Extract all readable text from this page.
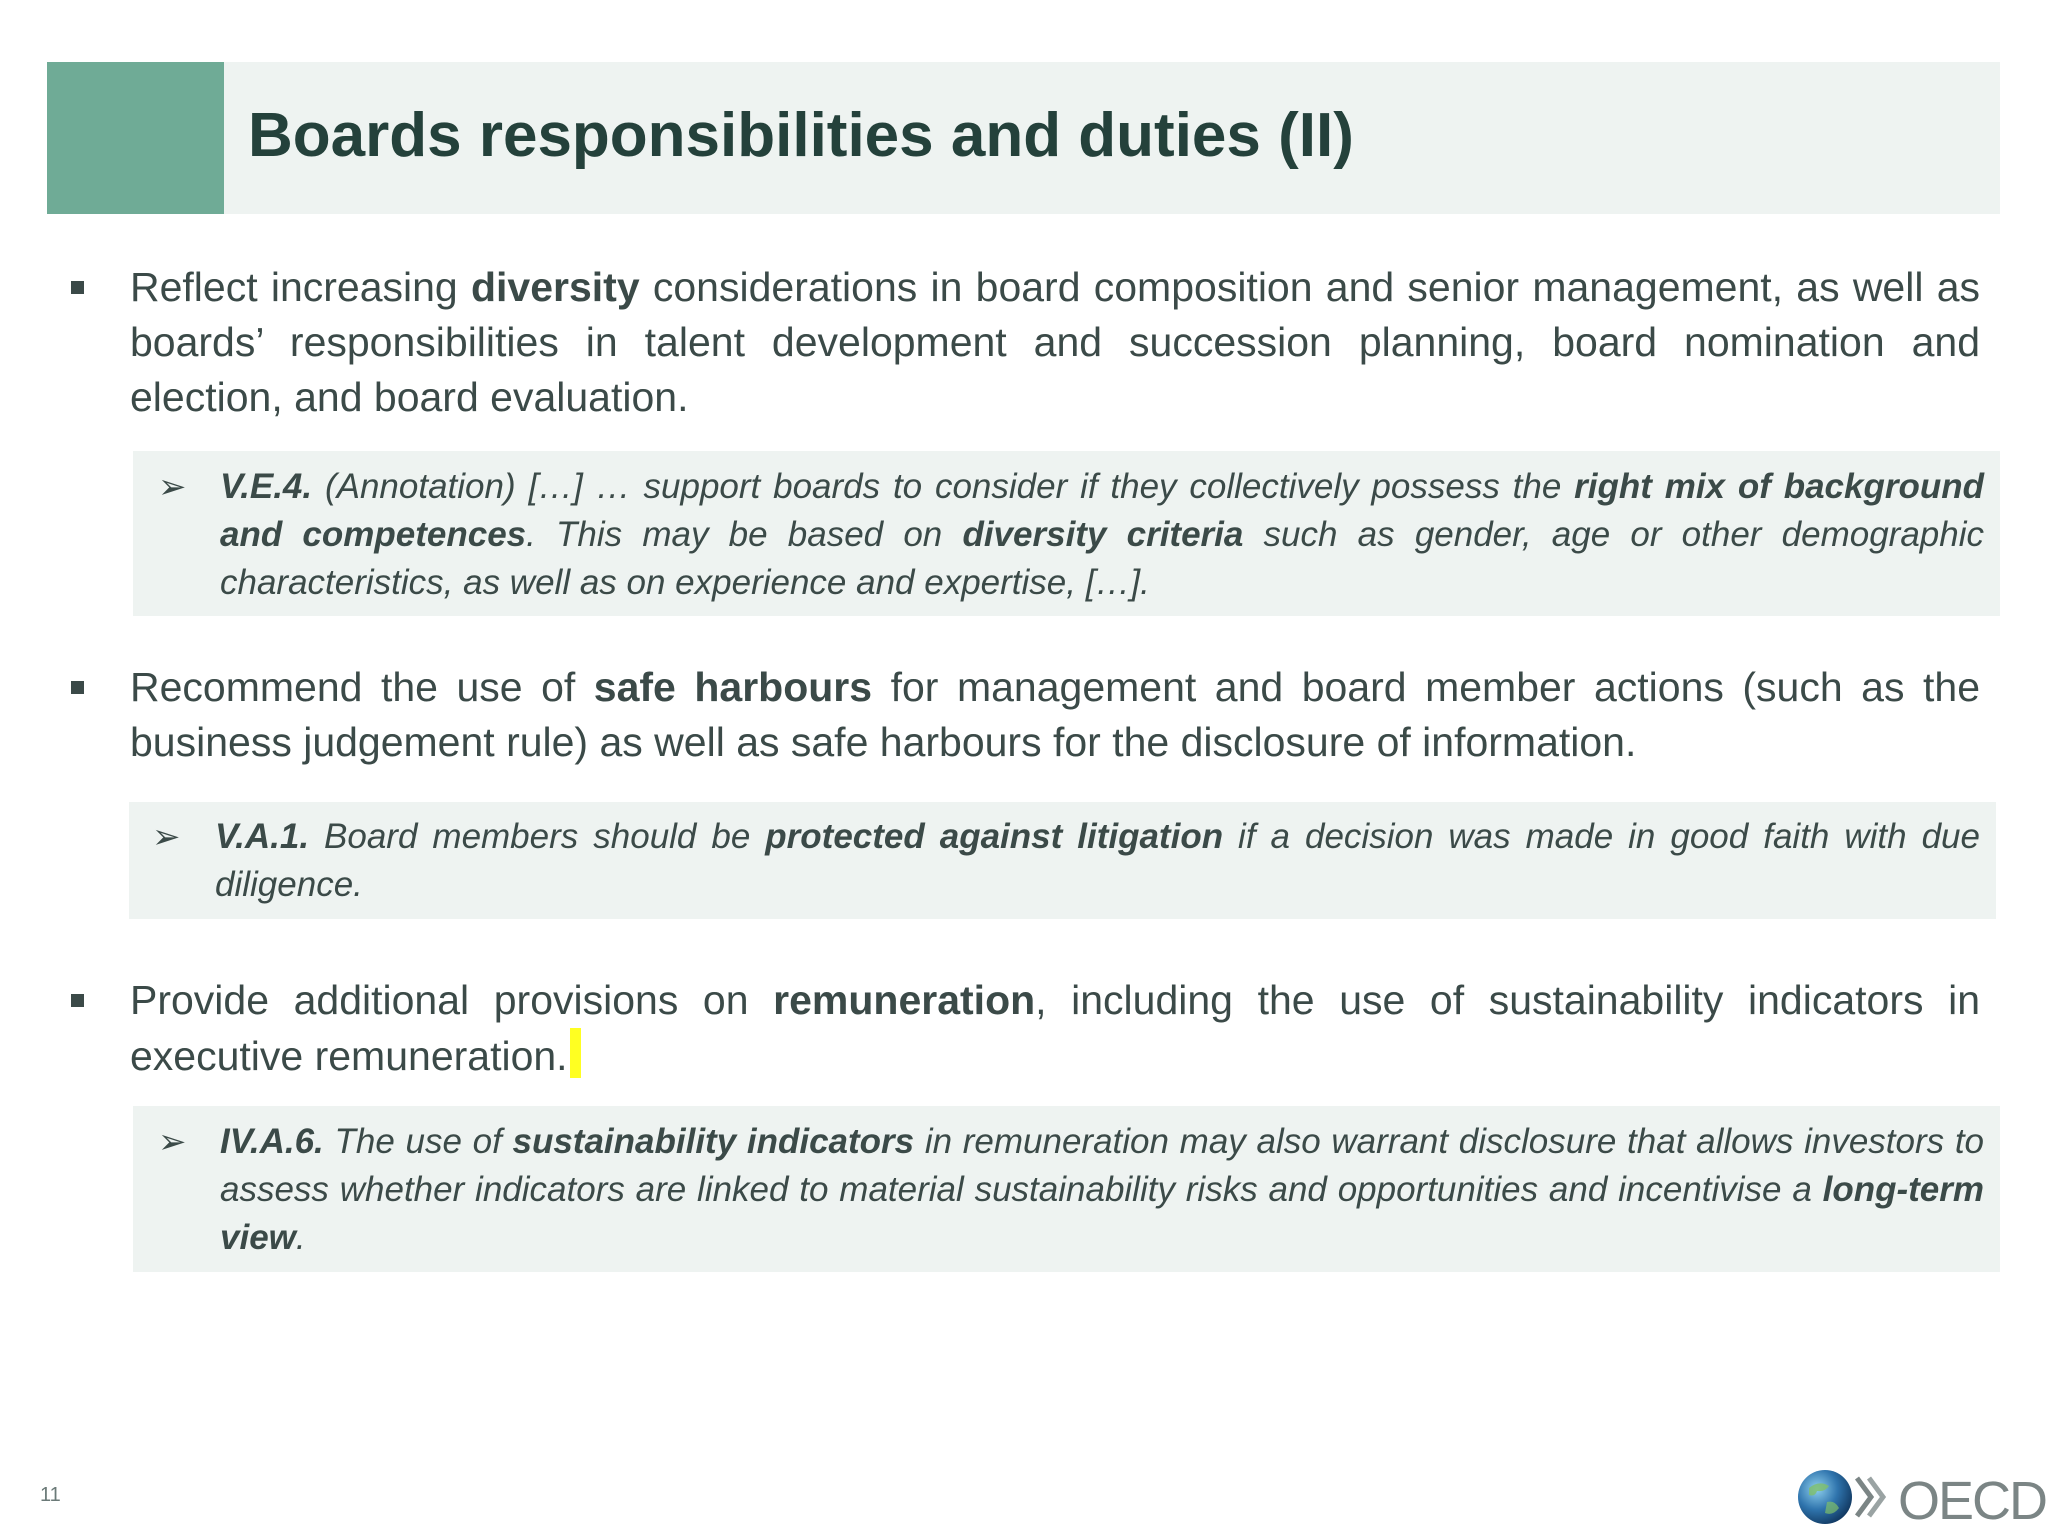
Boards responsibilities and duties (II)

Reflect increasing diversity considerations in board composition and senior management, as well as boards’ responsibilities in talent development and succession planning, board nomination and election, and board evaluation.

➢ V.E.4. (Annotation) […] … support boards to consider if they collectively possess the right mix of background and competences. This may be based on diversity criteria such as gender, age or other demographic characteristics, as well as on experience and expertise, […].

Recommend the use of safe harbours for management and board member actions (such as the business judgement rule) as well as safe harbours for the disclosure of information.

➢ V.A.1. Board members should be protected against litigation if a decision was made in good faith with due diligence.

Provide additional provisions on remuneration, including the use of sustainability indicators in executive remuneration.

➢ IV.A.6. The use of sustainability indicators in remuneration may also warrant disclosure that allows investors to assess whether indicators are linked to material sustainability risks and opportunities and incentivise a long-term view.

11	OECD
